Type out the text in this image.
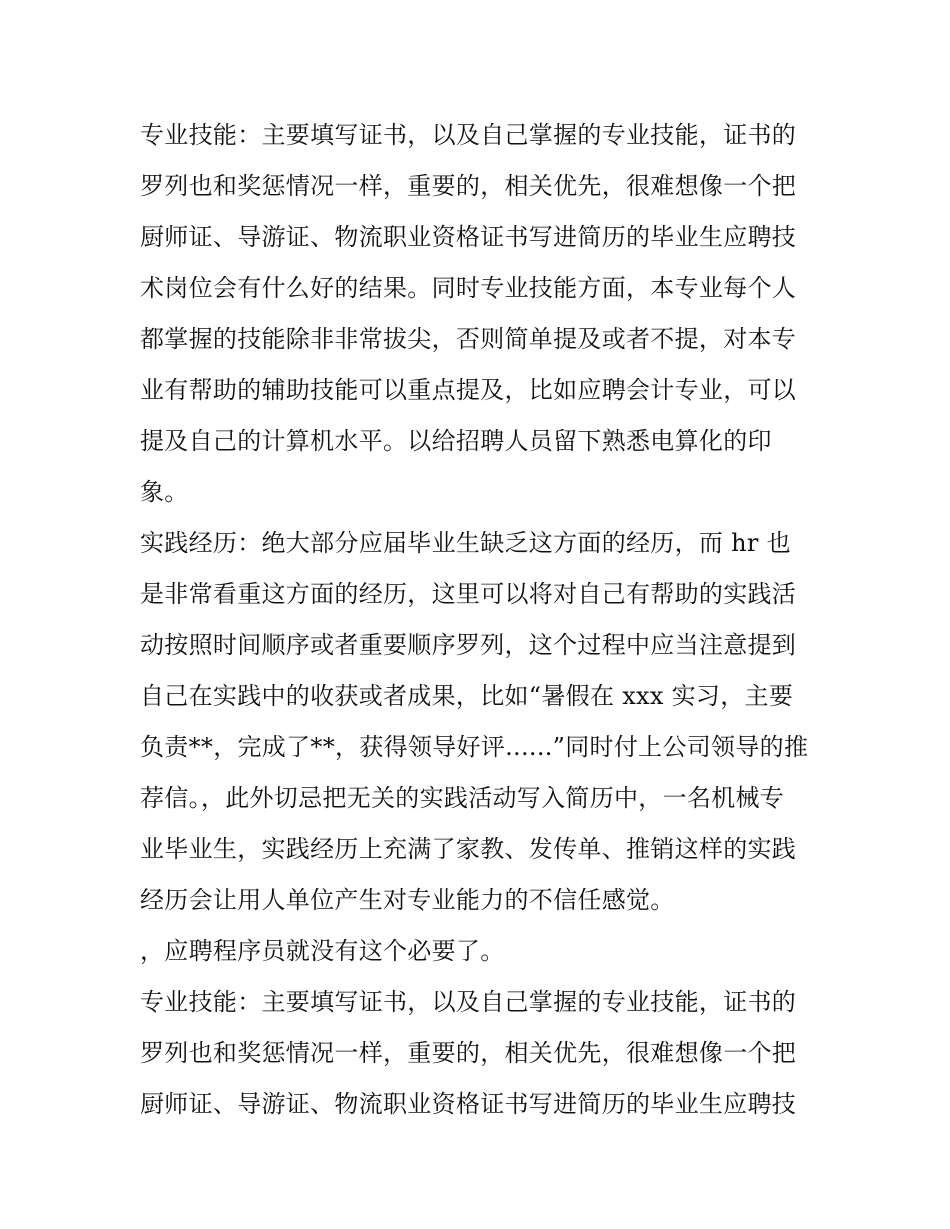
专业技能：主要填写证书，以及自己掌握的专业技能，证书的
罗列也和奖惩情况一样，重要的，相关优先，很难想像一个把
厨师证、导游证、物流职业资格证书写进简历的毕业生应聘技
术岗位会有什么好的结果。同时专业技能方面，本专业每个人
都掌握的技能除非非常拔尖，否则简单提及或者不提，对本专
业有帮助的辅助技能可以重点提及，比如应聘会计专业，可以
提及自己的计算机水平。以给招聘人员留下熟悉电算化的印
象。
实践经历：绝大部分应届毕业生缺乏这方面的经历，而 hr 也
是非常看重这方面的经历，这里可以将对自己有帮助的实践活
动按照时间顺序或者重要顺序罗列，这个过程中应当注意提到
自己在实践中的收获或者成果，比如“暑假在 xxx 实习，主要
负责**，完成了**，获得领导好评......”同时付上公司领导的推
荐信。，此外切忌把无关的实践活动写入简历中，一名机械专
业毕业生，实践经历上充满了家教、发传单、推销这样的实践
经历会让用人单位产生对专业能力的不信任感觉。
，应聘程序员就没有这个必要了。
专业技能：主要填写证书，以及自己掌握的专业技能，证书的
罗列也和奖惩情况一样，重要的，相关优先，很难想像一个把
厨师证、导游证、物流职业资格证书写进简历的毕业生应聘技
